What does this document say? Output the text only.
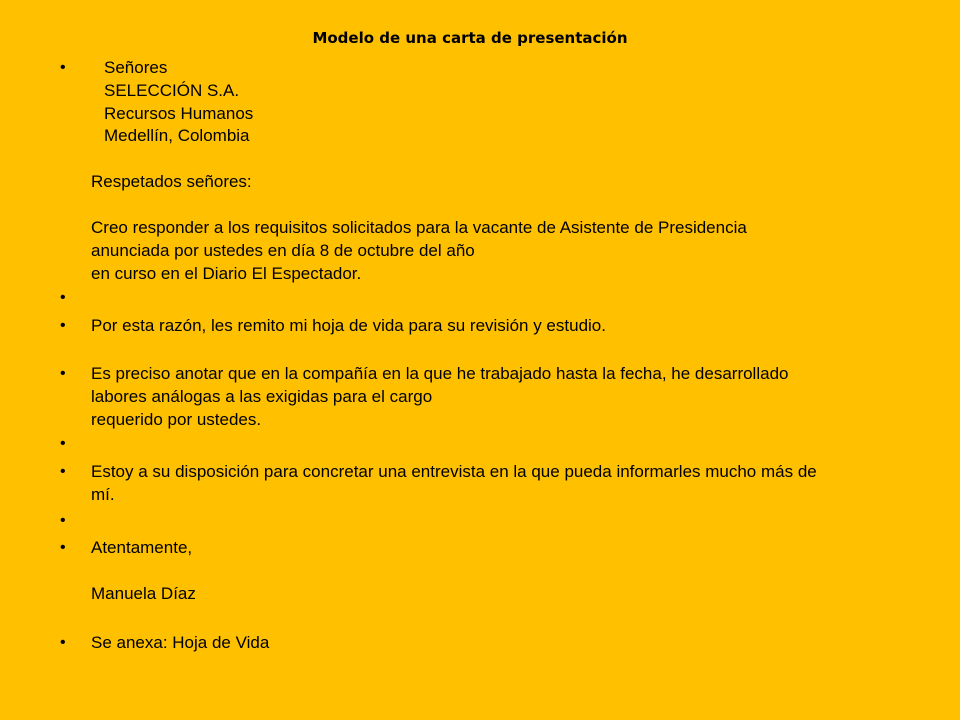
Modelo de una carta de presentación
• Señores
SELECCIÓN S.A.
Recursos Humanos
Medellín, Colombia
Respetados señores:
Creo responder a los requisitos solicitados para la vacante de Asistente de Presidencia
anunciada por ustedes en día 8 de octubre del año
en curso en el Diario El Espectador.
•
• Por esta razón, les remito mi hoja de vida para su revisión y estudio.
• Es preciso anotar que en la compañía en la que he trabajado hasta la fecha, he desarrollado
labores análogas a las exigidas para el cargo
requerido por ustedes.
•
• Estoy a su disposición para concretar una entrevista en la que pueda informarles mucho más de
mí.
•
• Atentamente,
Manuela Díaz
• Se anexa: Hoja de Vida
